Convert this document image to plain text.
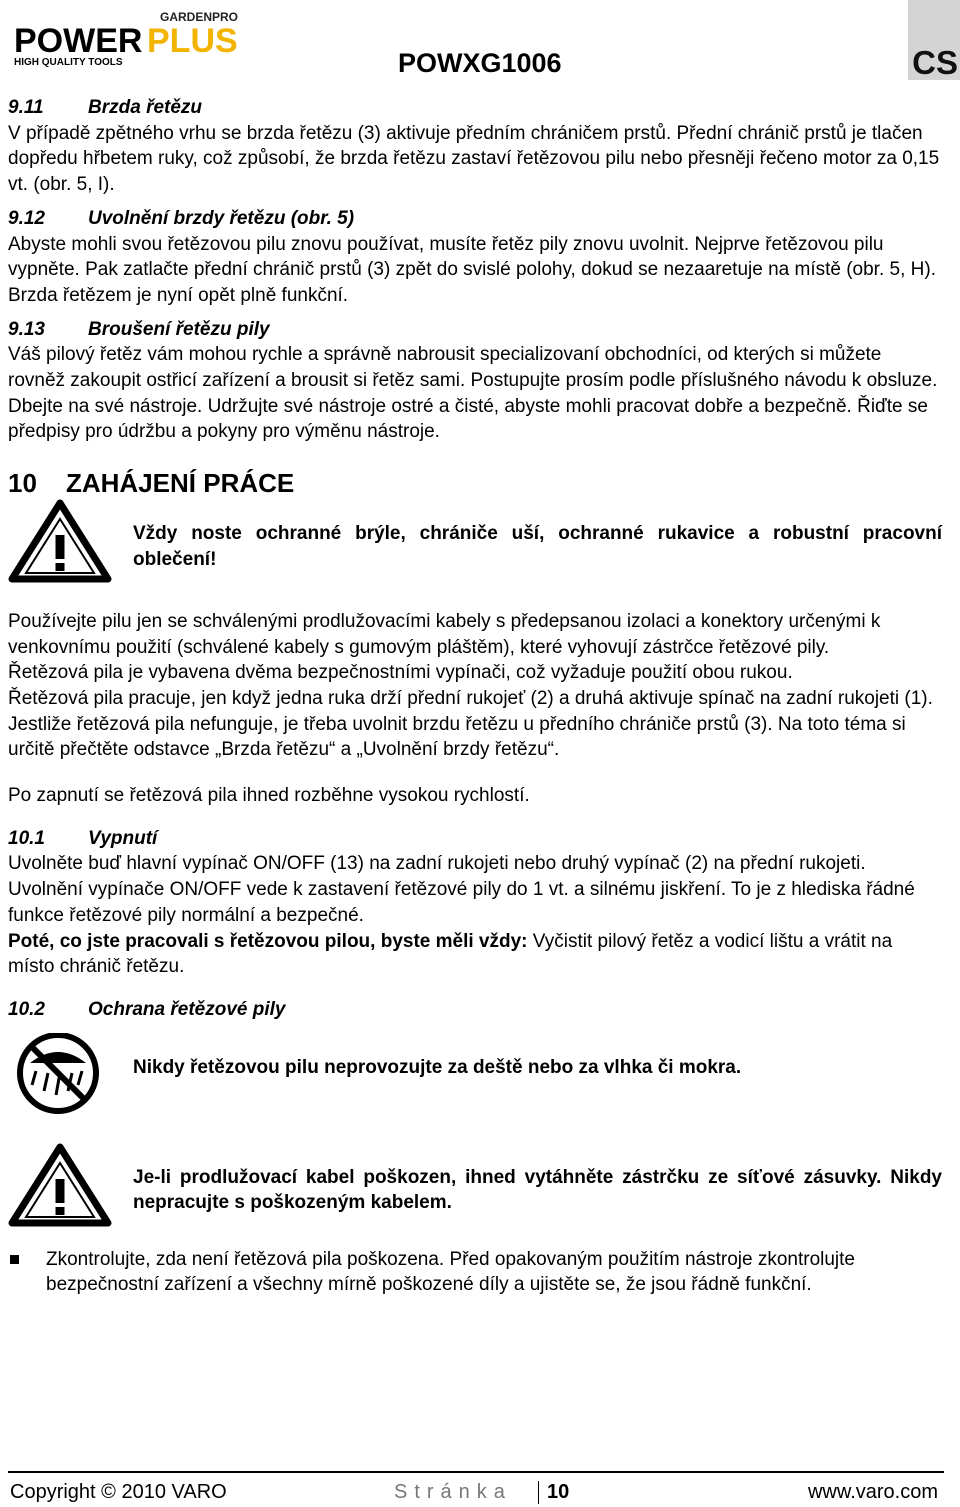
GARDENPRO
POWER PLUS
HIGH QUALITY TOOLS	POWXG1006	CS
9.11 Brzda řetězu

V případě zpětného vrhu se brzda řetězu (3) aktivuje předním chráničem prstů. Přední chránič prstů je tlačen dopředu hřbetem ruky, což způsobí, že brzda řetězu zastaví řetězovou pilu nebo přesněji řečeno motor za 0,15 vt. (obr. 5, I).

9.12 Uvolnění brzdy řetězu (obr. 5)

Abyste mohli svou řetězovou pilu znovu používat, musíte řetěz pily znovu uvolnit. Nejprve řetězovou pilu vypněte. Pak zatlačte přední chránič prstů (3) zpět do svislé polohy, dokud se nezaaretuje na místě (obr. 5, H). Brzda řetězem je nyní opět plně funkční.

9.13 Broušení řetězu pily

Váš pilový řetěz vám mohou rychle a správně nabrousit specializovaní obchodníci, od kterých si můžete rovněž zakoupit ostřicí zařízení a brousit si řetěz sami. Postupujte prosím podle příslušného návodu k obsluze.

Dbejte na své nástroje. Udržujte své nástroje ostré a čisté, abyste mohli pracovat dobře a bezpečně. Řiďte se předpisy pro údržbu a pokyny pro výměnu nástroje.

10 ZAHÁJENÍ PRÁCE
Vždy noste ochranné brýle, chrániče uší, ochranné rukavice a robustní pracovní oblečení!

Používejte pilu jen se schválenými prodlužovacími kabely s předepsanou izolaci a konektory určenými k venkovnímu použití (schválené kabely s gumovým pláštěm), které vyhovují zástrčce řetězové pily.

Řetězová pila je vybavena dvěma bezpečnostními vypínači, což vyžaduje použití obou rukou.

Řetězová pila pracuje, jen když jedna ruka drží přední rukojeť (2) a druhá aktivuje spínač na zadní rukojeti (1).

Jestliže řetězová pila nefunguje, je třeba uvolnit brzdu řetězu u předního chrániče prstů (3). Na toto téma si určitě přečtěte odstavce „Brzda řetězu“ a „Uvolnění brzdy řetězu“.

Po zapnutí se řetězová pila ihned rozběhne vysokou rychlostí.

10.1 Vypnutí

Uvolněte buď hlavní vypínač ON/OFF (13) na zadní rukojeti nebo druhý vypínač (2) na přední rukojeti.

Uvolnění vypínače ON/OFF vede k zastavení řetězové pily do 1 vt. a silnému jiskření. To je z hlediska řádné funkce řetězové pily normální a bezpečné.

Poté, co jste pracovali s řetězovou pilou, byste měli vždy: Vyčistit pilový řetěz a vodicí lištu a vrátit na místo chránič řetězu.

10.2 Ochrana řetězové pily
Nikdy řetězovou pilu neprovozujte za deště nebo za vlhka či mokra.
Je-li prodlužovací kabel poškozen, ihned vytáhněte zástrčku ze síťové zásuvky. Nikdy nepracujte s poškozeným kabelem.
Zkontrolujte, zda není řetězová pila poškozena. Před opakovaným použitím nástroje zkontrolujte bezpečnostní zařízení a všechny mírně poškozené díly a ujistěte se, že jsou řádně funkční.
Copyright © 2010 VARO	Stránka	10	www.varo.com
